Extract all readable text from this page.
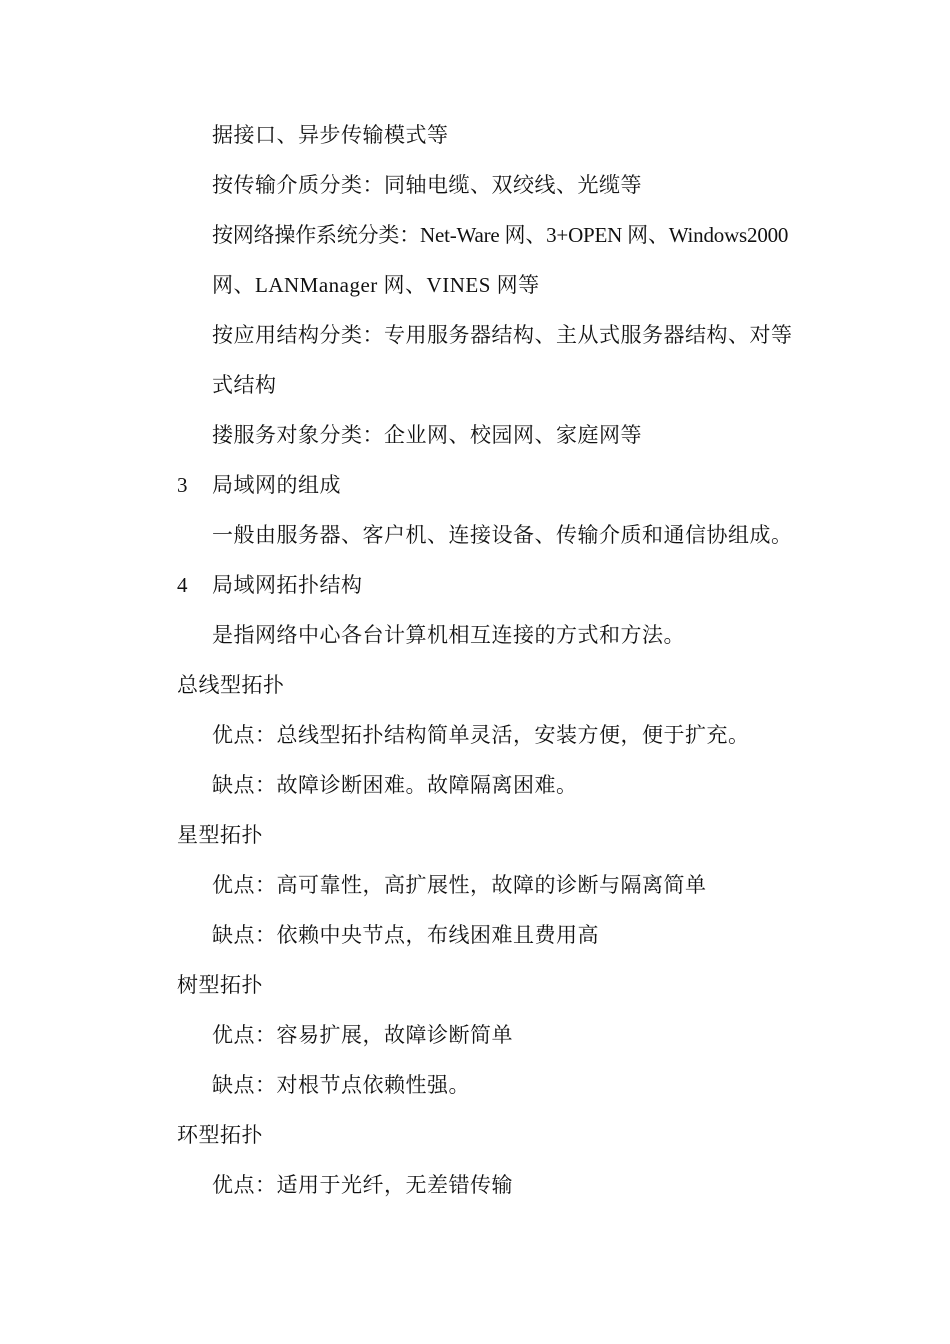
据接口、异步传输模式等
按传输介质分类：同轴电缆、双绞线、光缆等
按网络操作系统分类：Net-Ware 网、3+OPEN 网、Windows2000
网、LANManager 网、VINES 网等
按应用结构分类：专用服务器结构、主从式服务器结构、对等
式结构
搂服务对象分类：企业网、校园网、家庭网等
3 局域网的组成
一般由服务器、客户机、连接设备、传输介质和通信协组成。
4 局域网拓扑结构
是指网络中心各台计算机相互连接的方式和方法。
总线型拓扑
优点：总线型拓扑结构简单灵活，安装方便，便于扩充。
缺点：故障诊断困难。故障隔离困难。
星型拓扑
优点：高可靠性，高扩展性，故障的诊断与隔离简单
缺点：依赖中央节点，布线困难且费用高
树型拓扑
优点：容易扩展，故障诊断简单
缺点：对根节点依赖性强。
环型拓扑
优点：适用于光纤，无差错传输
